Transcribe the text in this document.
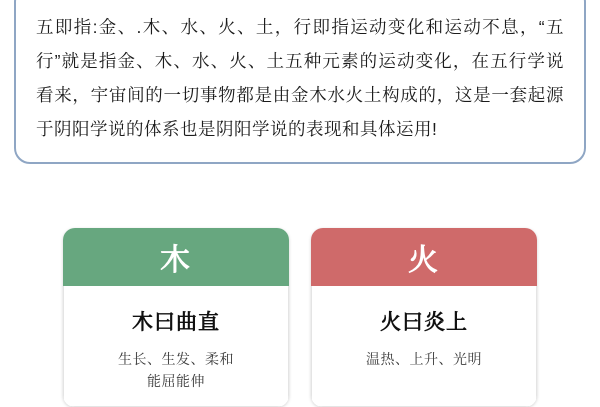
五即指:金、.木、水、火、土，行即指运动变化和运动不息，“五行”就是指金、木、水、火、土五种元素的运动变化，在五行学说看来，宇宙间的一切事物都是由金木水火土构成的，这是一套起源于阴阳学说的体系也是阴阳学说的表现和具体运用!
木
木曰曲直
生长、生发、柔和
能屈能伸
火
火曰炎上
温热、上升、光明
